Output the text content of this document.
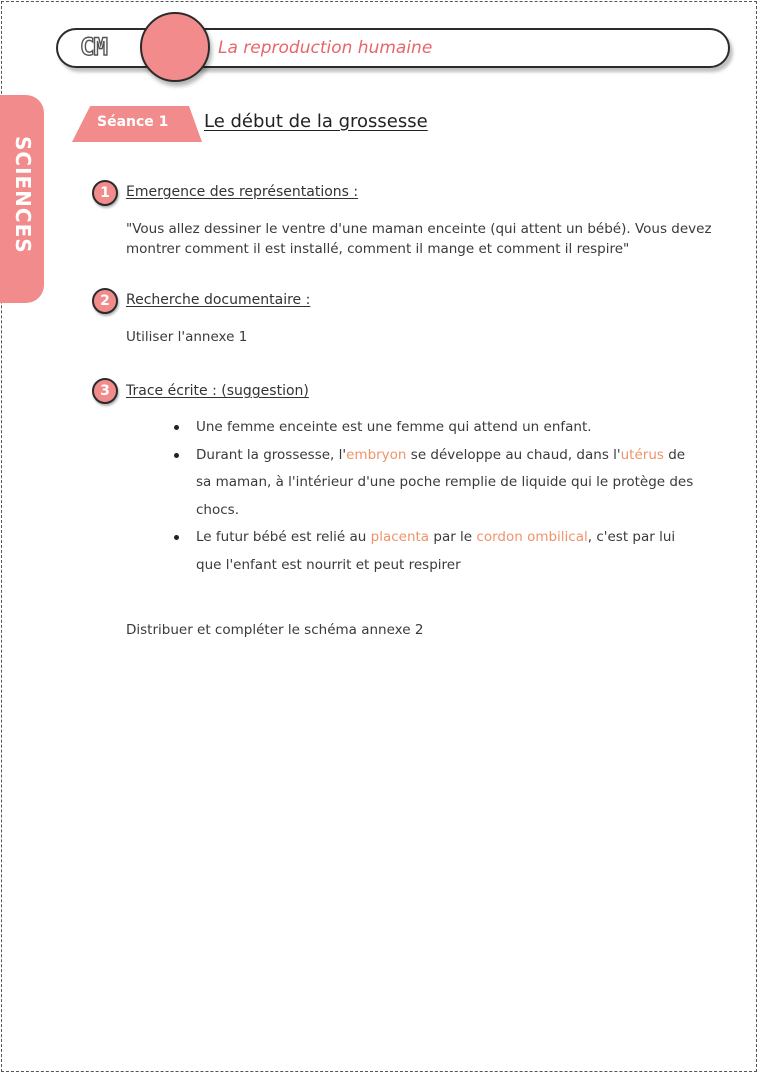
CM	La reproduction humaine
SCIENCES
Séance 1 Le début de la grossesse
1	Emergence des représentations :
"Vous allez dessiner le ventre d'une maman enceinte (qui attent un bébé). Vous devez montrer comment il est installé, comment il mange et comment il respire"
2	Recherche documentaire :
Utiliser l'annexe 1
3	Trace écrite : (suggestion)
Une femme enceinte est une femme qui attend un enfant.
Durant la grossesse, l'embryon se développe au chaud, dans l'utérus de sa maman, à l'intérieur d'une poche remplie de liquide qui le protège des chocs.
Le futur bébé est relié au placenta par le cordon ombilical, c'est par lui que l'enfant est nourrit et peut respirer
Distribuer et compléter le schéma annexe 2
